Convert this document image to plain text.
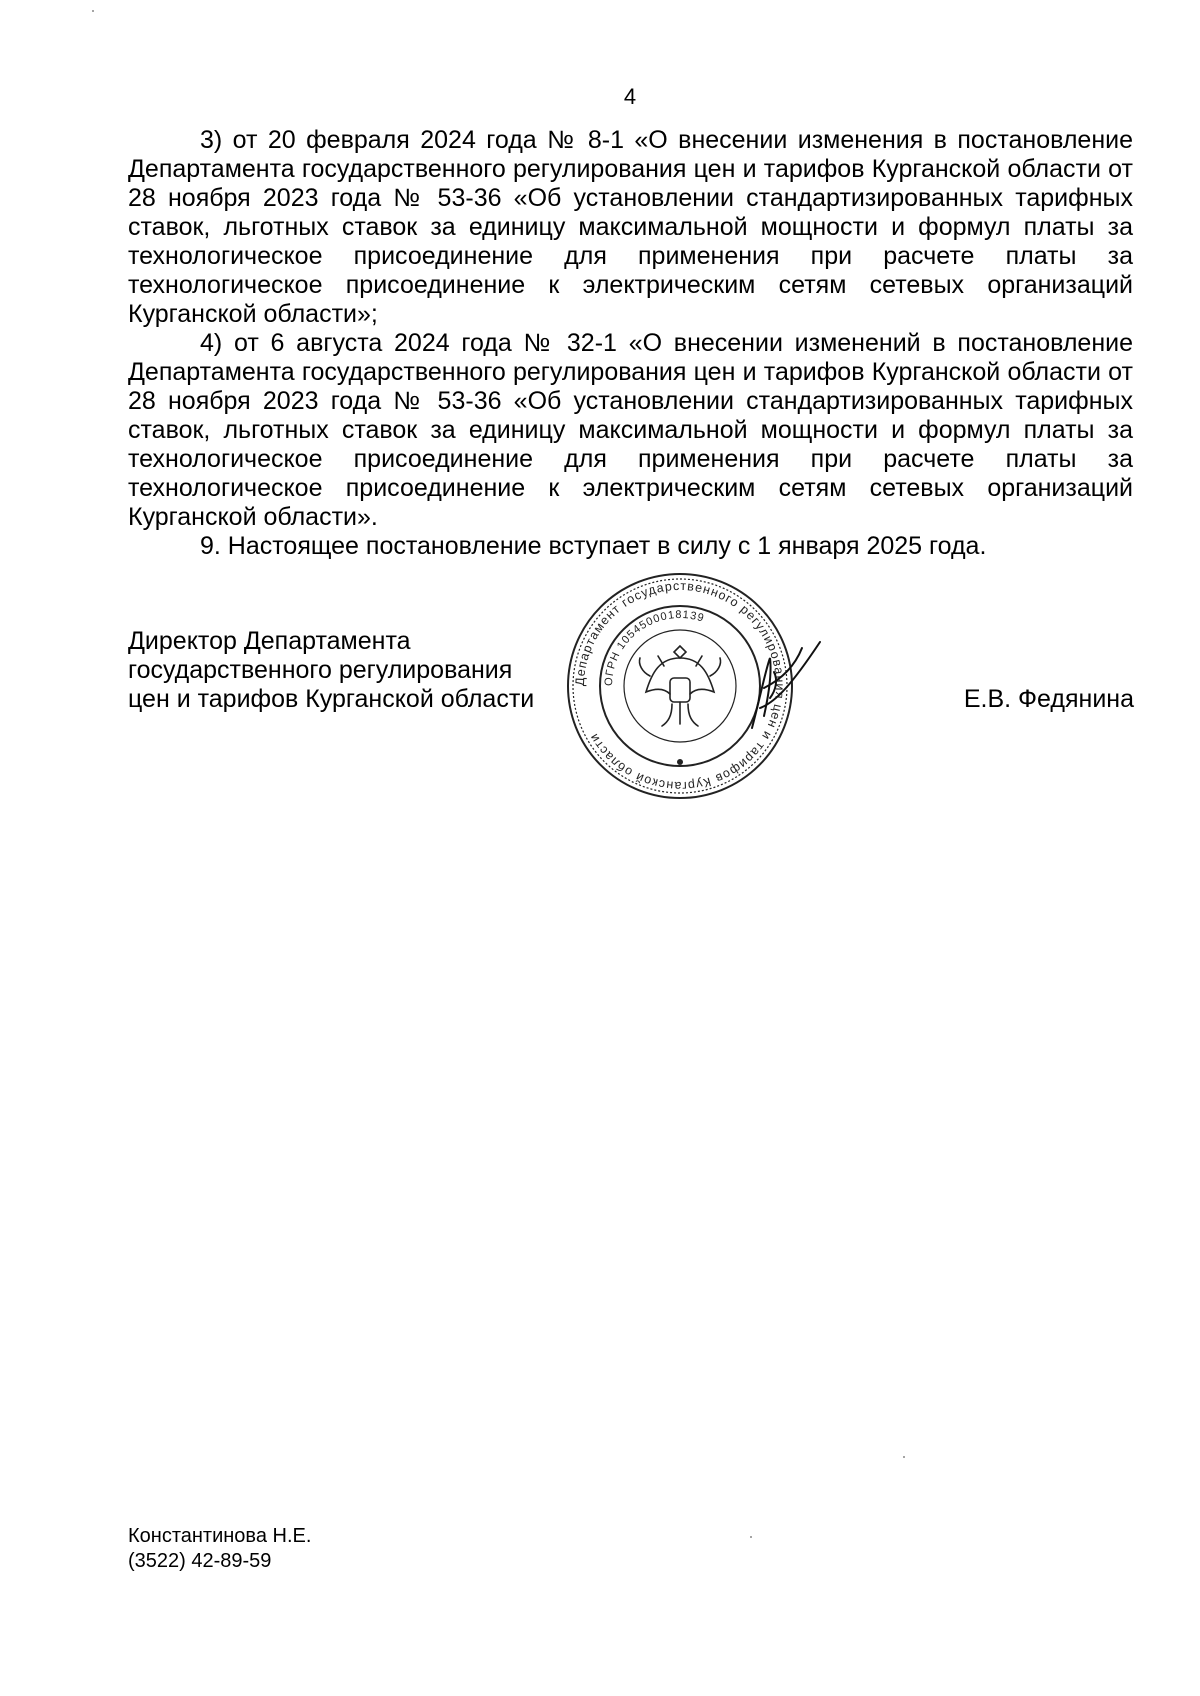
4

3) от 20 февраля 2024 года № 8-1 «О внесении изменения в постановление Департамента государственного регулирования цен и тарифов Курганской области от 28 ноября 2023 года № 53-36 «Об установлении стандартизированных тарифных ставок, льготных ставок за единицу максимальной мощности и формул платы за технологическое присоединение для применения при расчете платы за технологическое присоединение к электрическим сетям сетевых организаций Курганской области»;

4) от 6 августа 2024 года № 32-1 «О внесении изменений в постановление Департамента государственного регулирования цен и тарифов Курганской области от 28 ноября 2023 года № 53-36 «Об установлении стандартизированных тарифных ставок, льготных ставок за единицу максимальной мощности и формул платы за технологическое присоединение для применения при расчете платы за технологическое присоединение к электрическим сетям сетевых организаций Курганской области».

9. Настоящее постановление вступает в силу с 1 января 2025 года.

Директор Департамента
государственного регулирования
цен и тарифов Курганской области
Департамент государственного регулирования цен и тарифов Курганской области
ОГРН 1054500018139
Е.В. Федянина
Константинова Н.Е.
(3522) 42-89-59
